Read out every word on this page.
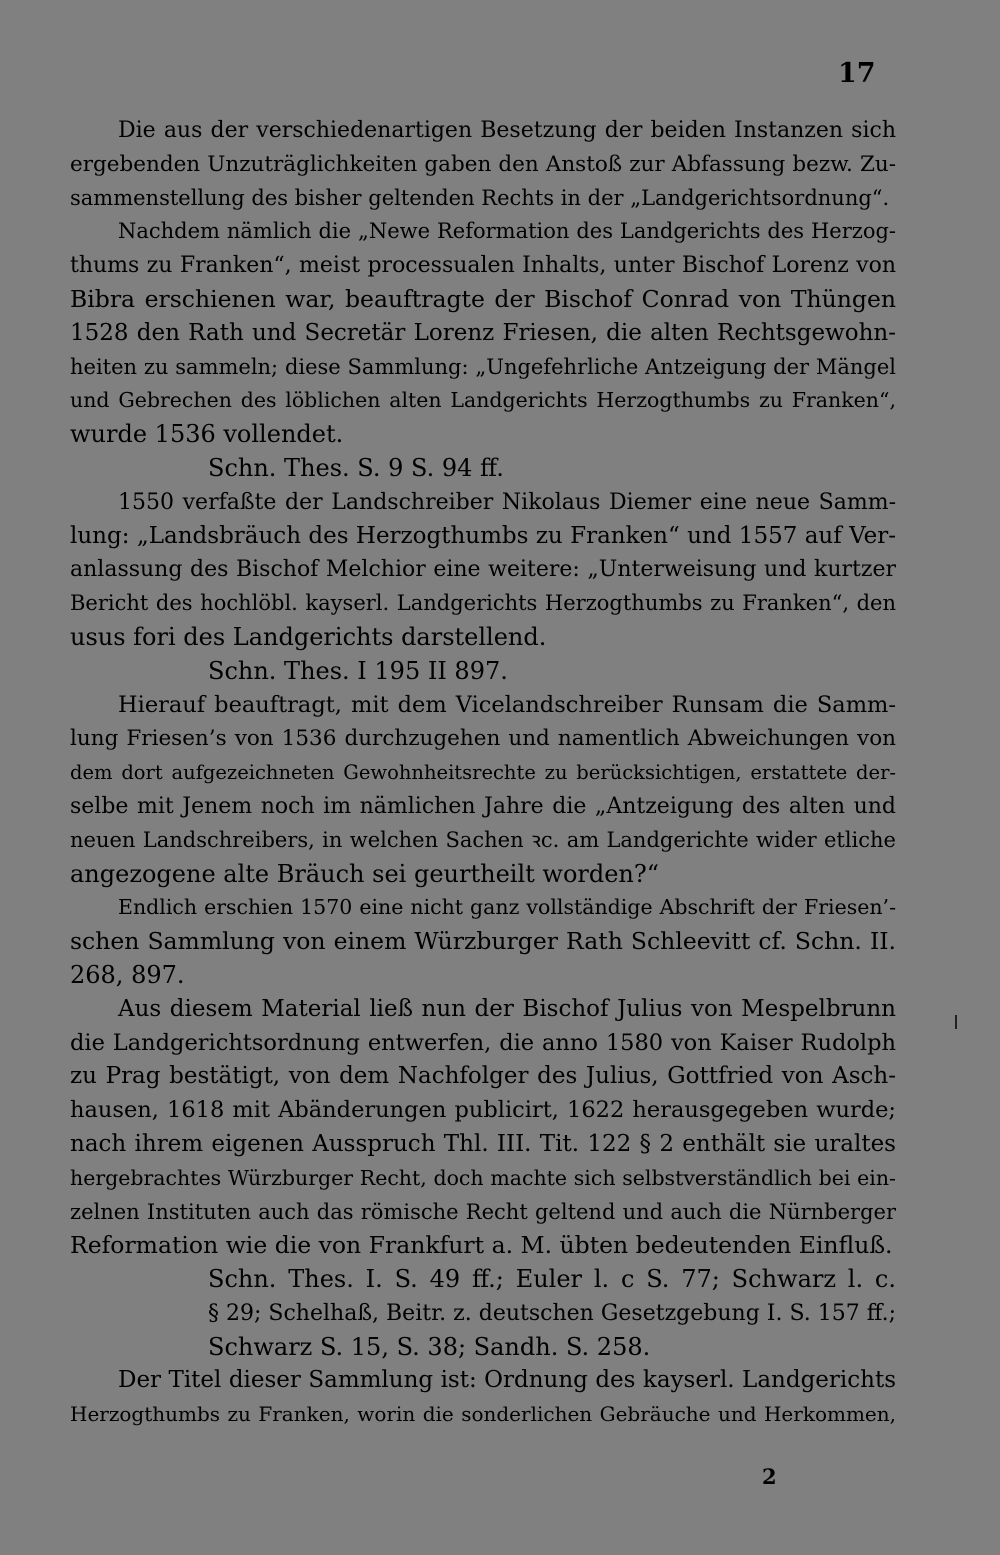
17
Die aus der verschiedenartigen Besetzung der beiden Instanzen sich
ergebenden Unzuträglichkeiten gaben den Anstoß zur Abfassung bezw. Zu-
sammenstellung des bisher geltenden Rechts in der „Landgerichtsordnung“.
Nachdem nämlich die „Newe Reformation des Landgerichts des Herzog-
thums zu Franken“, meist processualen Inhalts, unter Bischof Lorenz von
Bibra erschienen war, beauftragte der Bischof Conrad von Thüngen
1528 den Rath und Secretär Lorenz Friesen, die alten Rechtsgewohn-
heiten zu sammeln; diese Sammlung: „Ungefehrliche Antzeigung der Mängel
und Gebrechen des löblichen alten Landgerichts Herzogthumbs zu Franken“,
wurde 1536 vollendet.
Schn. Thes. S. 9 S. 94 ff.
1550 verfaßte der Landschreiber Nikolaus Diemer eine neue Samm-
lung: „Landsbräuch des Herzogthumbs zu Franken“ und 1557 auf Ver-
anlassung des Bischof Melchior eine weitere: „Unterweisung und kurtzer
Bericht des hochlöbl. kayserl. Landgerichts Herzogthumbs zu Franken“, den
usus fori des Landgerichts darstellend.
Schn. Thes. I 195 II 897.
Hierauf beauftragt, mit dem Vicelandschreiber Runsam die Samm-
lung Friesen’s von 1536 durchzugehen und namentlich Abweichungen von
dem dort aufgezeichneten Gewohnheitsrechte zu berücksichtigen, erstattete der-
selbe mit Jenem noch im nämlichen Jahre die „Antzeigung des alten und
neuen Landschreibers, in welchen Sachen ꝛc. am Landgerichte wider etliche
angezogene alte Bräuch sei geurtheilt worden?“
Endlich erschien 1570 eine nicht ganz vollständige Abschrift der Friesen’-
schen Sammlung von einem Würzburger Rath Schleevitt cf. Schn. II.
268, 897.
Aus diesem Material ließ nun der Bischof Julius von Mespelbrunn
die Landgerichtsordnung entwerfen, die anno 1580 von Kaiser Rudolph
zu Prag bestätigt, von dem Nachfolger des Julius, Gottfried von Asch-
hausen, 1618 mit Abänderungen publicirt, 1622 herausgegeben wurde;
nach ihrem eigenen Ausspruch Thl. III. Tit. 122 § 2 enthält sie uraltes
hergebrachtes Würzburger Recht, doch machte sich selbstverständlich bei ein-
zelnen Instituten auch das römische Recht geltend und auch die Nürnberger
Reformation wie die von Frankfurt a. M. übten bedeutenden Einfluß.
Schn. Thes. I. S. 49 ff.; Euler l. c S. 77; Schwarz l. c.
§ 29; Schelhaß, Beitr. z. deutschen Gesetzgebung I. S. 157 ff.;
Schwarz S. 15, S. 38; Sandh. S. 258.
Der Titel dieser Sammlung ist: Ordnung des kayserl. Landgerichts
Herzogthumbs zu Franken, worin die sonderlichen Gebräuche und Herkommen,
2
